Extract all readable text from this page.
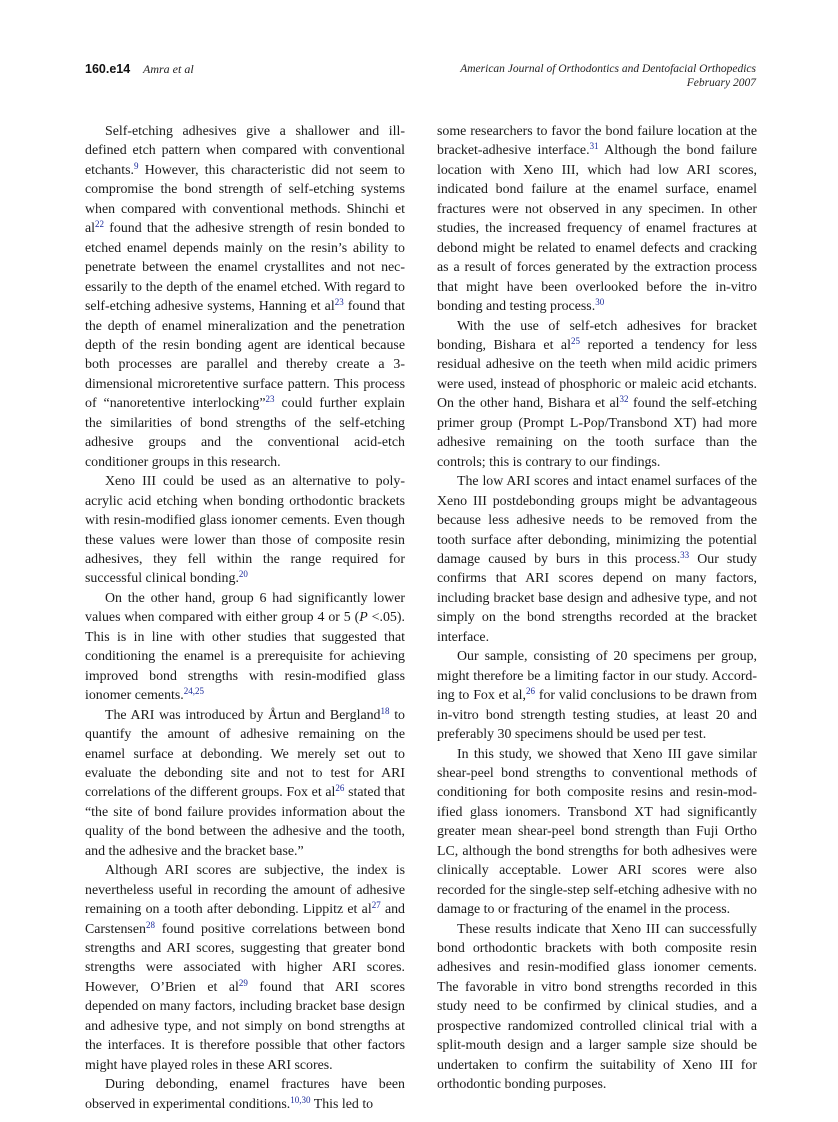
160.e14 Amra et al	American Journal of Orthodontics and Dentofacial Orthopedics
February 2007

Self-etching adhesives give a shallower and ill-defined etch pattern when compared with conventional etchants.$^9$ However, this characteristic did not seem to compromise the bond strength of self-etching systems when compared with conventional methods. Shinchi et $al^{22}$ found that the adhesive strength of resin bonded to etched enamel depends mainly on the resin’s ability to penetrate between the enamel crystallites and not necessarily to the depth of the enamel etched. With regard to self-etching adhesive systems, Hanning et $al^{23}$ found that the depth of enamel mineralization and the penetration depth of the resin bonding agent are identical because both processes are parallel and thereby create a 3-dimensional microretentive surface pattern. This process of “nanoretentive interlocking”$^{23}$ could further explain the similarities of bond strengths of the self-etching adhesive groups and the conventional acid-etch conditioner groups in this research.

Xeno III could be used as an alternative to polyacrylic acid etching when bonding orthodontic brackets with resin-modified glass ionomer cements. Even though these values were lower than those of composite resin adhesives, they fell within the range required for successful clinical bonding.$^{20}$

On the other hand, group 6 had significantly lower values when compared with either group 4 or 5 (P <.05). This is in line with other studies that suggested that conditioning the enamel is a prerequisite for achieving improved bond strengths with resin-modified glass ionomer cements.$^{24,25}$

The ARI was introduced by Årtun and Bergland$^{18}$ to quantify the amount of adhesive remaining on the enamel surface at debonding. We merely set out to evaluate the debonding site and not to test for ARI correlations of the different groups. Fox et $al^{26}$ stated that “the site of bond failure provides information about the quality of the bond between the adhesive and the tooth, and the adhesive and the bracket base.”

Although ARI scores are subjective, the index is nevertheless useful in recording the amount of adhesive remaining on a tooth after debonding. Lippitz et $al^{27}$ and Carstensen$^{28}$ found positive correlations between bond strengths and ARI scores, suggesting that greater bond strengths were associated with higher ARI scores. However, O’Brien et $al^{29}$ found that ARI scores depended on many factors, including bracket base design and adhesive type, and not simply on bond strengths at the interfaces. It is therefore possible that other factors might have played roles in these ARI scores.

During debonding, enamel fractures have been observed in experimental conditions.$^{10,30}$ This led to

some researchers to favor the bond failure location at the bracket-adhesive interface.$^{31}$ Although the bond failure location with Xeno III, which had low ARI scores, indicated bond failure at the enamel surface, enamel fractures were not observed in any specimen. In other studies, the increased frequency of enamel fractures at debond might be related to enamel defects and cracking as a result of forces generated by the extraction process that might have been overlooked before the in-vitro bonding and testing process.$^{30}$

With the use of self-etch adhesives for bracket bonding, Bishara et $al^{25}$ reported a tendency for less residual adhesive on the teeth when mild acidic primers were used, instead of phosphoric or maleic acid etchants. On the other hand, Bishara et $al^{32}$ found the self-etching primer group (Prompt L-Pop/Transbond XT) had more adhesive remaining on the tooth surface than the controls; this is contrary to our findings.

The low ARI scores and intact enamel surfaces of the Xeno III postdebonding groups might be advantageous because less adhesive needs to be removed from the tooth surface after debonding, minimizing the potential damage caused by burs in this process.$^{33}$ Our study confirms that ARI scores depend on many factors, including bracket base design and adhesive type, and not simply on the bond strengths recorded at the bracket interface.

Our sample, consisting of 20 specimens per group, might therefore be a limiting factor in our study. According to Fox et al,$^{26}$ for valid conclusions to be drawn from in-vitro bond strength testing studies, at least 20 and preferably 30 specimens should be used per test.

In this study, we showed that Xeno III gave similar shear-peel bond strengths to conventional methods of conditioning for both composite resins and resin-modified glass ionomers. Transbond XT had significantly greater mean shear-peel bond strength than Fuji Ortho LC, although the bond strengths for both adhesives were clinically acceptable. Lower ARI scores were also recorded for the single-step self-etching adhesive with no damage to or fracturing of the enamel in the process.

These results indicate that Xeno III can successfully bond orthodontic brackets with both composite resin adhesives and resin-modified glass ionomer cements. The favorable in vitro bond strengths recorded in this study need to be confirmed by clinical studies, and a prospective randomized controlled clinical trial with a split-mouth design and a larger sample size should be undertaken to confirm the suitability of Xeno III for orthodontic bonding purposes.
